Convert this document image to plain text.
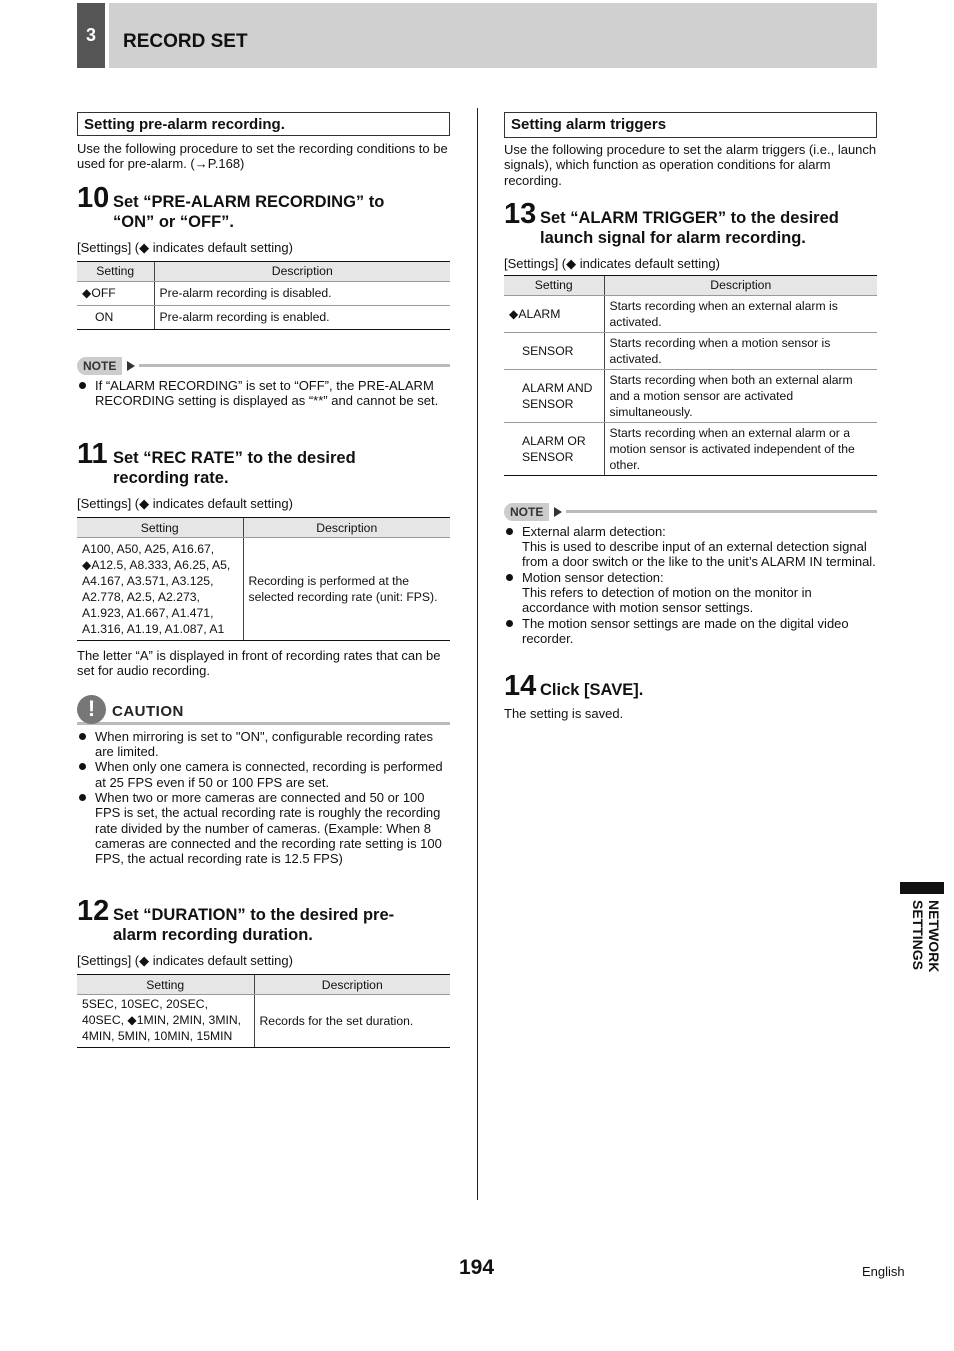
3	RECORD SET
Setting pre-alarm recording.

Use the following procedure to set the recording conditions to be used for pre-alarm. (→P.168)

10 Set “PRE-ALARM RECORDING” to
“ON” or “OFF”.
[Settings] (◆ indicates default setting)
Setting	Description
◆OFF	Pre-alarm recording is disabled.
ON	Pre-alarm recording is enabled.
NOTE
If “ALARM RECORDING” is set to “OFF”, the PRE-ALARM RECORDING setting is displayed as “**” and cannot be set.
11 Set “REC RATE” to the desired
recording rate.
[Settings] (◆ indicates default setting)
Setting	Description
A100, A50, A25, A16.67, ◆A12.5, A8.333, A6.25, A5, A4.167, A3.571, A3.125, A2.778, A2.5, A2.273, A1.923, A1.667, A1.471, A1.316, A1.19, A1.087, A1	Recording is performed at the selected recording rate (unit: FPS).

The letter “A” is displayed in front of recording rates that can be set for audio recording.

!	CAUTION
When mirroring is set to "ON", configurable recording rates are limited.
When only one camera is connected, recording is performed at 25 FPS even if 50 or 100 FPS are set.
When two or more cameras are connected and 50 or 100 FPS is set, the actual recording rate is roughly the recording rate divided by the number of cameras. (Example: When 8 cameras are connected and the recording rate setting is 100 FPS, the actual recording rate is 12.5 FPS)
12 Set “DURATION” to the desired pre-
alarm recording duration.
[Settings] (◆ indicates default setting)
Setting	Description
5SEC, 10SEC, 20SEC, 40SEC, ◆1MIN, 2MIN, 3MIN, 4MIN, 5MIN, 10MIN, 15MIN	Records for the set duration.
Setting alarm triggers

Use the following procedure to set the alarm triggers (i.e., launch signals), which function as operation conditions for alarm recording.

13 Set “ALARM TRIGGER” to the desired
launch signal for alarm recording.
[Settings] (◆ indicates default setting)
Setting	Description
◆ALARM	Starts recording when an external alarm is activated.
SENSOR	Starts recording when a motion sensor is activated.
ALARM AND SENSOR	Starts recording when both an external alarm and a motion sensor are activated simultaneously.
ALARM OR SENSOR	Starts recording when an external alarm or a motion sensor is activated independent of the other.
NOTE
External alarm detection:
This is used to describe input of an external detection signal from a door switch or the like to the unit’s ALARM IN terminal.
Motion sensor detection:
This refers to detection of motion on the monitor in accordance with motion sensor settings.
The motion sensor settings are made on the digital video recorder.
14 Click [SAVE].

The setting is saved.

NETWORK
SETTINGS
194	English
